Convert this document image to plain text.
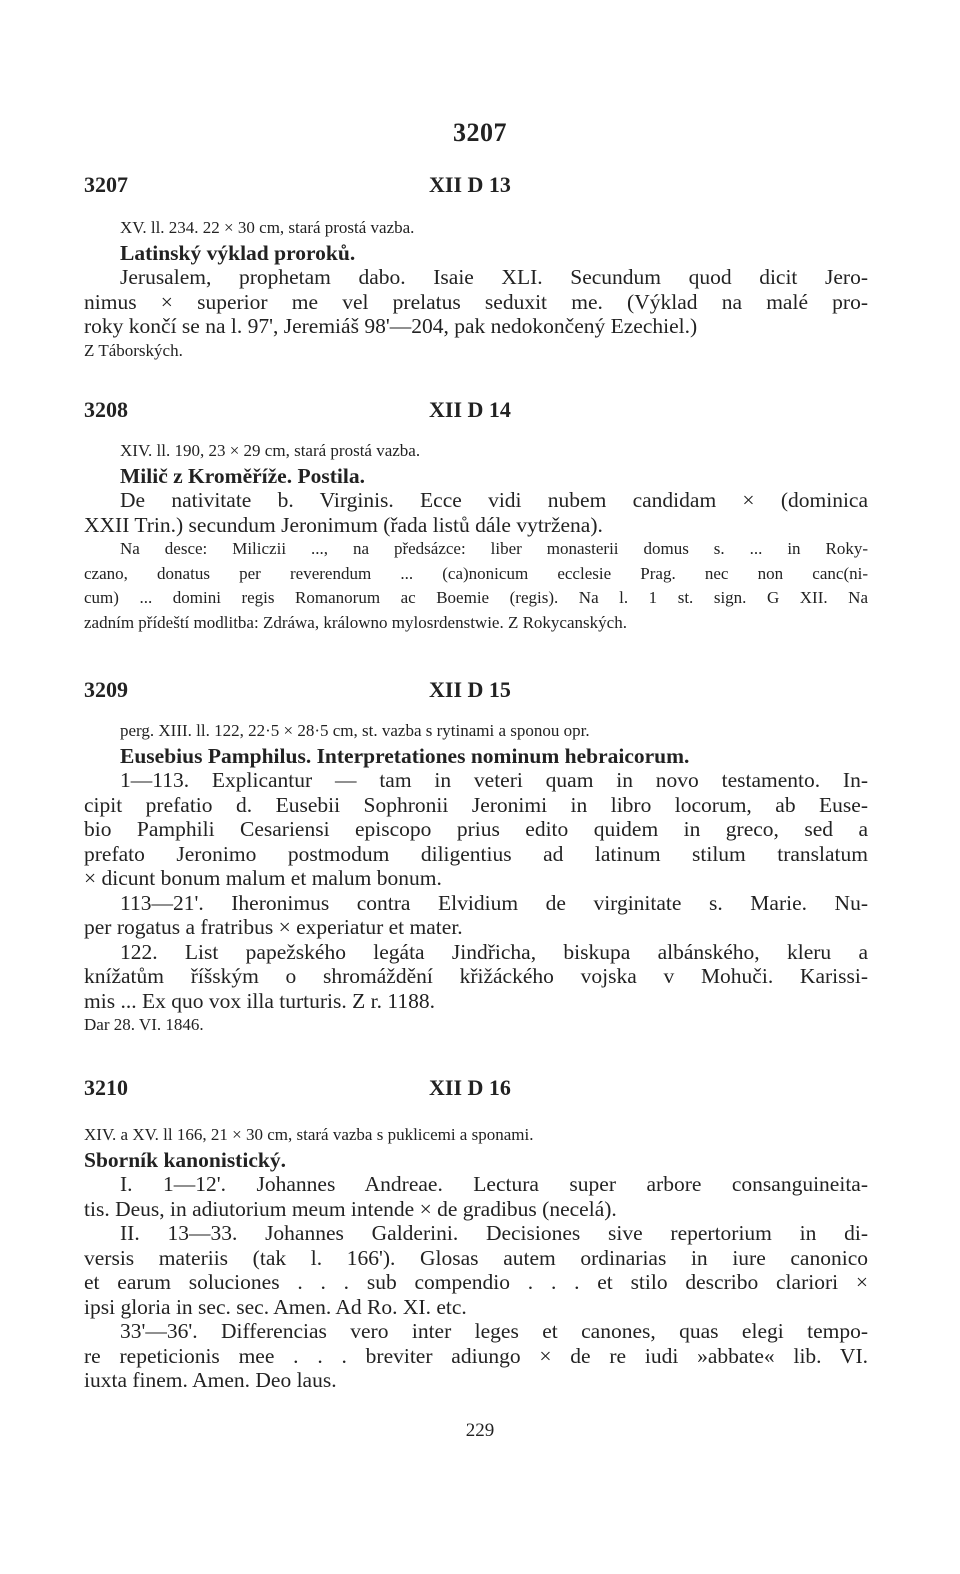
3207
3207	XII D 13
XV. ll. 234. 22 × 30 cm, stará prostá vazba.
Latinský výklad proroků.
Jerusalem, prophetam dabo. Isaie XLI. Secundum quod dicit Jero-
nimus × superior me vel prelatus seduxit me. (Výklad na malé pro-
roky končí se na l. 97', Jeremiáš 98'—204, pak nedokončený Ezechiel.)
Z Táborských.
3208	XII D 14
XIV. ll. 190, 23 × 29 cm, stará prostá vazba.
Milič z Kroměříže. Postila.
De nativitate b. Virginis. Ecce vidi nubem candidam × (dominica
XXII Trin.) secundum Jeronimum (řada listů dále vytržena).
Na desce: Miliczii ..., na předsázce: liber monasterii domus s. ... in Roky-
czano, donatus per reverendum ... (ca)nonicum ecclesie Prag. nec non canc(ni-
cum) ... domini regis Romanorum ac Boemie (regis). Na l. 1 st. sign. G XII. Na
zadním přídeští modlitba: Zdráwa, králowno mylosrdenstwie. Z Rokycanských.
3209	XII D 15
perg. XIII. ll. 122, 22·5 × 28·5 cm, st. vazba s rytinami a sponou opr.
Eusebius Pamphilus. Interpretationes nominum hebraicorum.
1—113. Explicantur — tam in veteri quam in novo testamento. In-
cipit prefatio d. Eusebii Sophronii Jeronimi in libro locorum, ab Euse-
bio Pamphili Cesariensi episcopo prius edito quidem in greco, sed a
prefato Jeronimo postmodum diligentius ad latinum stilum translatum
× dicunt bonum malum et malum bonum.
113—21'. Iheronimus contra Elvidium de virginitate s. Marie. Nu-
per rogatus a fratribus × experiatur et mater.
122. List papežského legáta Jindřicha, biskupa albánského, kleru a
knížatům říšským o shromáždění křižáckého vojska v Mohuči. Karissi-
mis ... Ex quo vox illa turturis. Z r. 1188.
Dar 28. VI. 1846.
3210	XII D 16
XIV. a XV. ll 166, 21 × 30 cm, stará vazba s puklicemi a sponami.
Sborník kanonistický.
I. 1—12'. Johannes Andreae. Lectura super arbore consanguineita-
tis. Deus, in adiutorium meum intende × de gradibus (necelá).
II. 13—33. Johannes Galderini. Decisiones sive repertorium in di-
versis materiis (tak l. 166'). Glosas autem ordinarias in iure canonico
et earum soluciones . . . sub compendio . . . et stilo describo clariori ×
ipsi gloria in sec. sec. Amen. Ad Ro. XI. etc.
33'—36'. Differencias vero inter leges et canones, quas elegi tempo-
re repeticionis mee . . . breviter adiungo × de re iudi »abbate« lib. VI.
iuxta finem. Amen. Deo laus.
229
